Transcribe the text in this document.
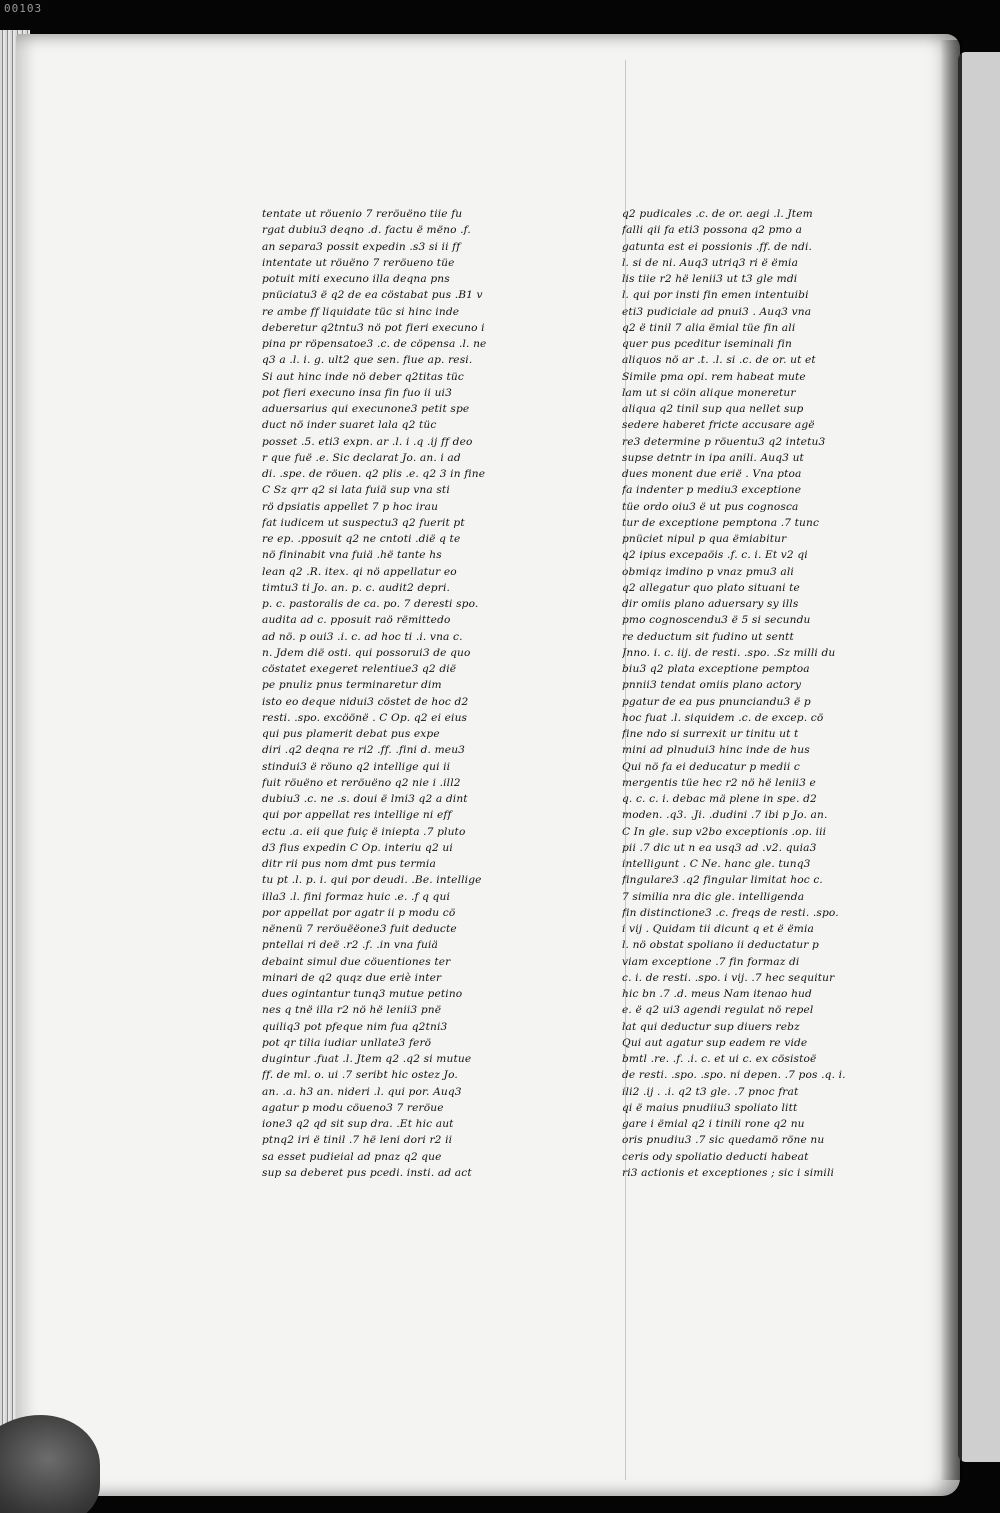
00103
tentate ut röuenio 7 reröuëno tiie fu
rgat dubiu3 deqno .d. factu ë mëno .f.
an separa3 possit expedin .s3 si ii ff
intentate ut röuëno 7 reröueno tüe
potuit miti execuno illa deqna pns
pnüciatu3 ë q2 de ea cöstabat pus .B1 v
re ambe ff liquidate tüc si hinc inde
deberetur q2tntu3 nö pot fieri execuno i
pina pr röpensatoe3 .c. de cöpensa .l. ne
q3 a .l. i. g. ult2 que sen. fiue ap. resi.
Si aut hinc inde nö deber q2titas tüc
pot fieri execuno insa fin fuo ii ui3
aduersarius qui execunone3 petit spe
duct nö inder suaret lala q2 tüc
posset .5. eti3 expn. ar .l. i .q .ij ff deo
r que fuë .e. Sic declarat Jo. an. i ad
di. .spe. de röuen. q2 plis .e. q2 3 in fine
C Sz qrr q2 si lata fuiä sup vna sti
rö dpsiatis appellet 7 p hoc irau
fat iudicem ut suspectu3 q2 fuerit pt
re ep. .pposuit q2 ne cntoti .dië q te
nö fininabit vna fuiä .hë tante hs
lean q2 .R. itex. qi nö appellatur eo
timtu3 ti Jo. an. p. c. audit2 depri.
p. c. pastoralis de ca. po. 7 deresti spo.
audita ad c. pposuit raö rëmittedo
ad nö. p oui3 .i. c. ad hoc ti .i. vna c.
n. Jdem dië osti. qui possorui3 de quo
cöstatet exegeret relentiue3 q2 dië
pe pnuliz pnus terminaretur dim
isto eo deque nidui3 cöstet de hoc d2
resti. .spo. excöönë . C Op. q2 ei eius
qui pus plamerit debat pus expe
diri .q2 deqna re ri2 .ff. .fini d. meu3
stindui3 ë röuno q2 intellige qui ii
fuit röuëno et reröuëno q2 nie i .ill2
dubiu3 .c. ne .s. doui ë lmi3 q2 a dint
qui por appellat res intellige ni eff
ectu .a. eii que fuiç ë iniepta .7 pluto
d3 fius expedin C Op. interiu q2 ui
ditr rii pus nom dmt pus termia
tu pt .l. p. i. qui por deudi. .Be. intellige
illa3 .l. fini formaz huic .e. .f q qui
por appellat por agatr ii p modu cö
nënenü 7 reröuëëone3 fuit deducte
pntellai ri deë .r2 .f. .in vna fuiä
debaint simul due cöuentiones ter
minari de q2 quqz due eriè inter
dues ogintantur tunq3 mutue petino
nes q tnë illa r2 nö hë lenii3 pnë
quiliq3 pot pfeque nim fua q2tni3
pot qr tilia iudiar unllate3 ferö
dugintur .fuat .l. Jtem q2 .q2 si mutue
ff. de ml. o. ui .7 seribt hic ostez Jo.
an. .a. h3 an. nideri .l. qui por. Auq3
agatur p modu cöueno3 7 reröue
ione3 q2 qd sit sup dra. .Et hic aut
ptnq2 iri ë tinil .7 hë leni dori r2 ii
sa esset pudieial ad pnaz q2 que
sup sa deberet pus pcedi. insti. ad act
q2 pudicales .c. de or. aegi .l. Jtem
falli qii fa eti3 possona q2 pmo a
gatunta est ei possionis .ff. de ndi.
l. si de ni. Auq3 utriq3 ri ë ëmia
lis tiie r2 hë lenii3 ut t3 gle mdi
l. qui por insti fin emen intentuibi
eti3 pudiciale ad pnui3 . Auq3 vna
q2 ë tinil 7 alia ëmial tüe fin ali
quer pus pceditur iseminali fin
aliquos nö ar .t. .l. si .c. de or. ut et
Simile pma opi. rem habeat mute
lam ut si cöin alique moneretur
aliqua q2 tinil sup qua nellet sup
sedere haberet fricte accusare agë
re3 determine p röuentu3 q2 intetu3
supse detntr in ipa anili. Auq3 ut
dues monent due erië . Vna ptoa
fa indenter p mediu3 exceptione
tüe ordo oiu3 ë ut pus cognosca
tur de exceptione pemptona .7 tunc
pnüciet nipul p qua ëmiabitur
q2 ipius excepaöis .f. c. i. Et v2 qi
obmiqz imdino p vnaz pmu3 ali
q2 allegatur quo plato situani te
dir omiis plano aduersary sy ills
pmo cognoscendu3 ë 5 si secundu
re deductum sit fudino ut sentt
Jnno. i. c. iij. de resti. .spo. .Sz milli du
biu3 q2 plata exceptione pemptoa
pnnii3 tendat omiis plano actory
pgatur de ea pus pnunciandu3 ë p
hoc fuat .l. siquidem .c. de excep. cö
fine ndo si surrexit ur tinitu ut t
mini ad plnudui3 hinc inde de hus
Qui nö fa ei deducatur p medii c
mergentis tüe hec r2 nö hë lenii3 e
q. c. c. i. debac mä plene in spe. d2
moden. .q3. .Ji. .dudini .7 ibi p Jo. an.
C In gle. sup v2bo exceptionis .op. iii
pii .7 dic ut n ea usq3 ad .v2. quia3
intelligunt . C Ne. hanc gle. tunq3
fingulare3 .q2 fingular limitat hoc c.
7 similia nra dic gle. intelligenda
fin distinctione3 .c. freqs de resti. .spo.
i vij . Quidam tii dicunt q et ë ëmia
l. nö obstat spoliano ii deductatur p
viam exceptione .7 fin formaz di
c. i. de resti. .spo. i vij. .7 hec sequitur
hic bn .7 .d. meus Nam itenao hud
e. ë q2 ui3 agendi regulat nö repel
lat qui deductur sup diuers rebz
Qui aut agatur sup eadem re vide
bmtl .re. .f. .i. c. et ui c. ex cösistoë
de resti. .spo. .spo. ni depen. .7 pos .q. i.
ili2 .ij . .i. q2 t3 gle. .7 pnoc frat
qi ë maius pnudiiu3 spoliato litt
gare i ëmial q2 i tinili rone q2 nu
oris pnudiu3 .7 sic quedamö röne nu
ceris ody spoliatio deducti habeat
ri3 actionis et exceptiones ; sic i simili
